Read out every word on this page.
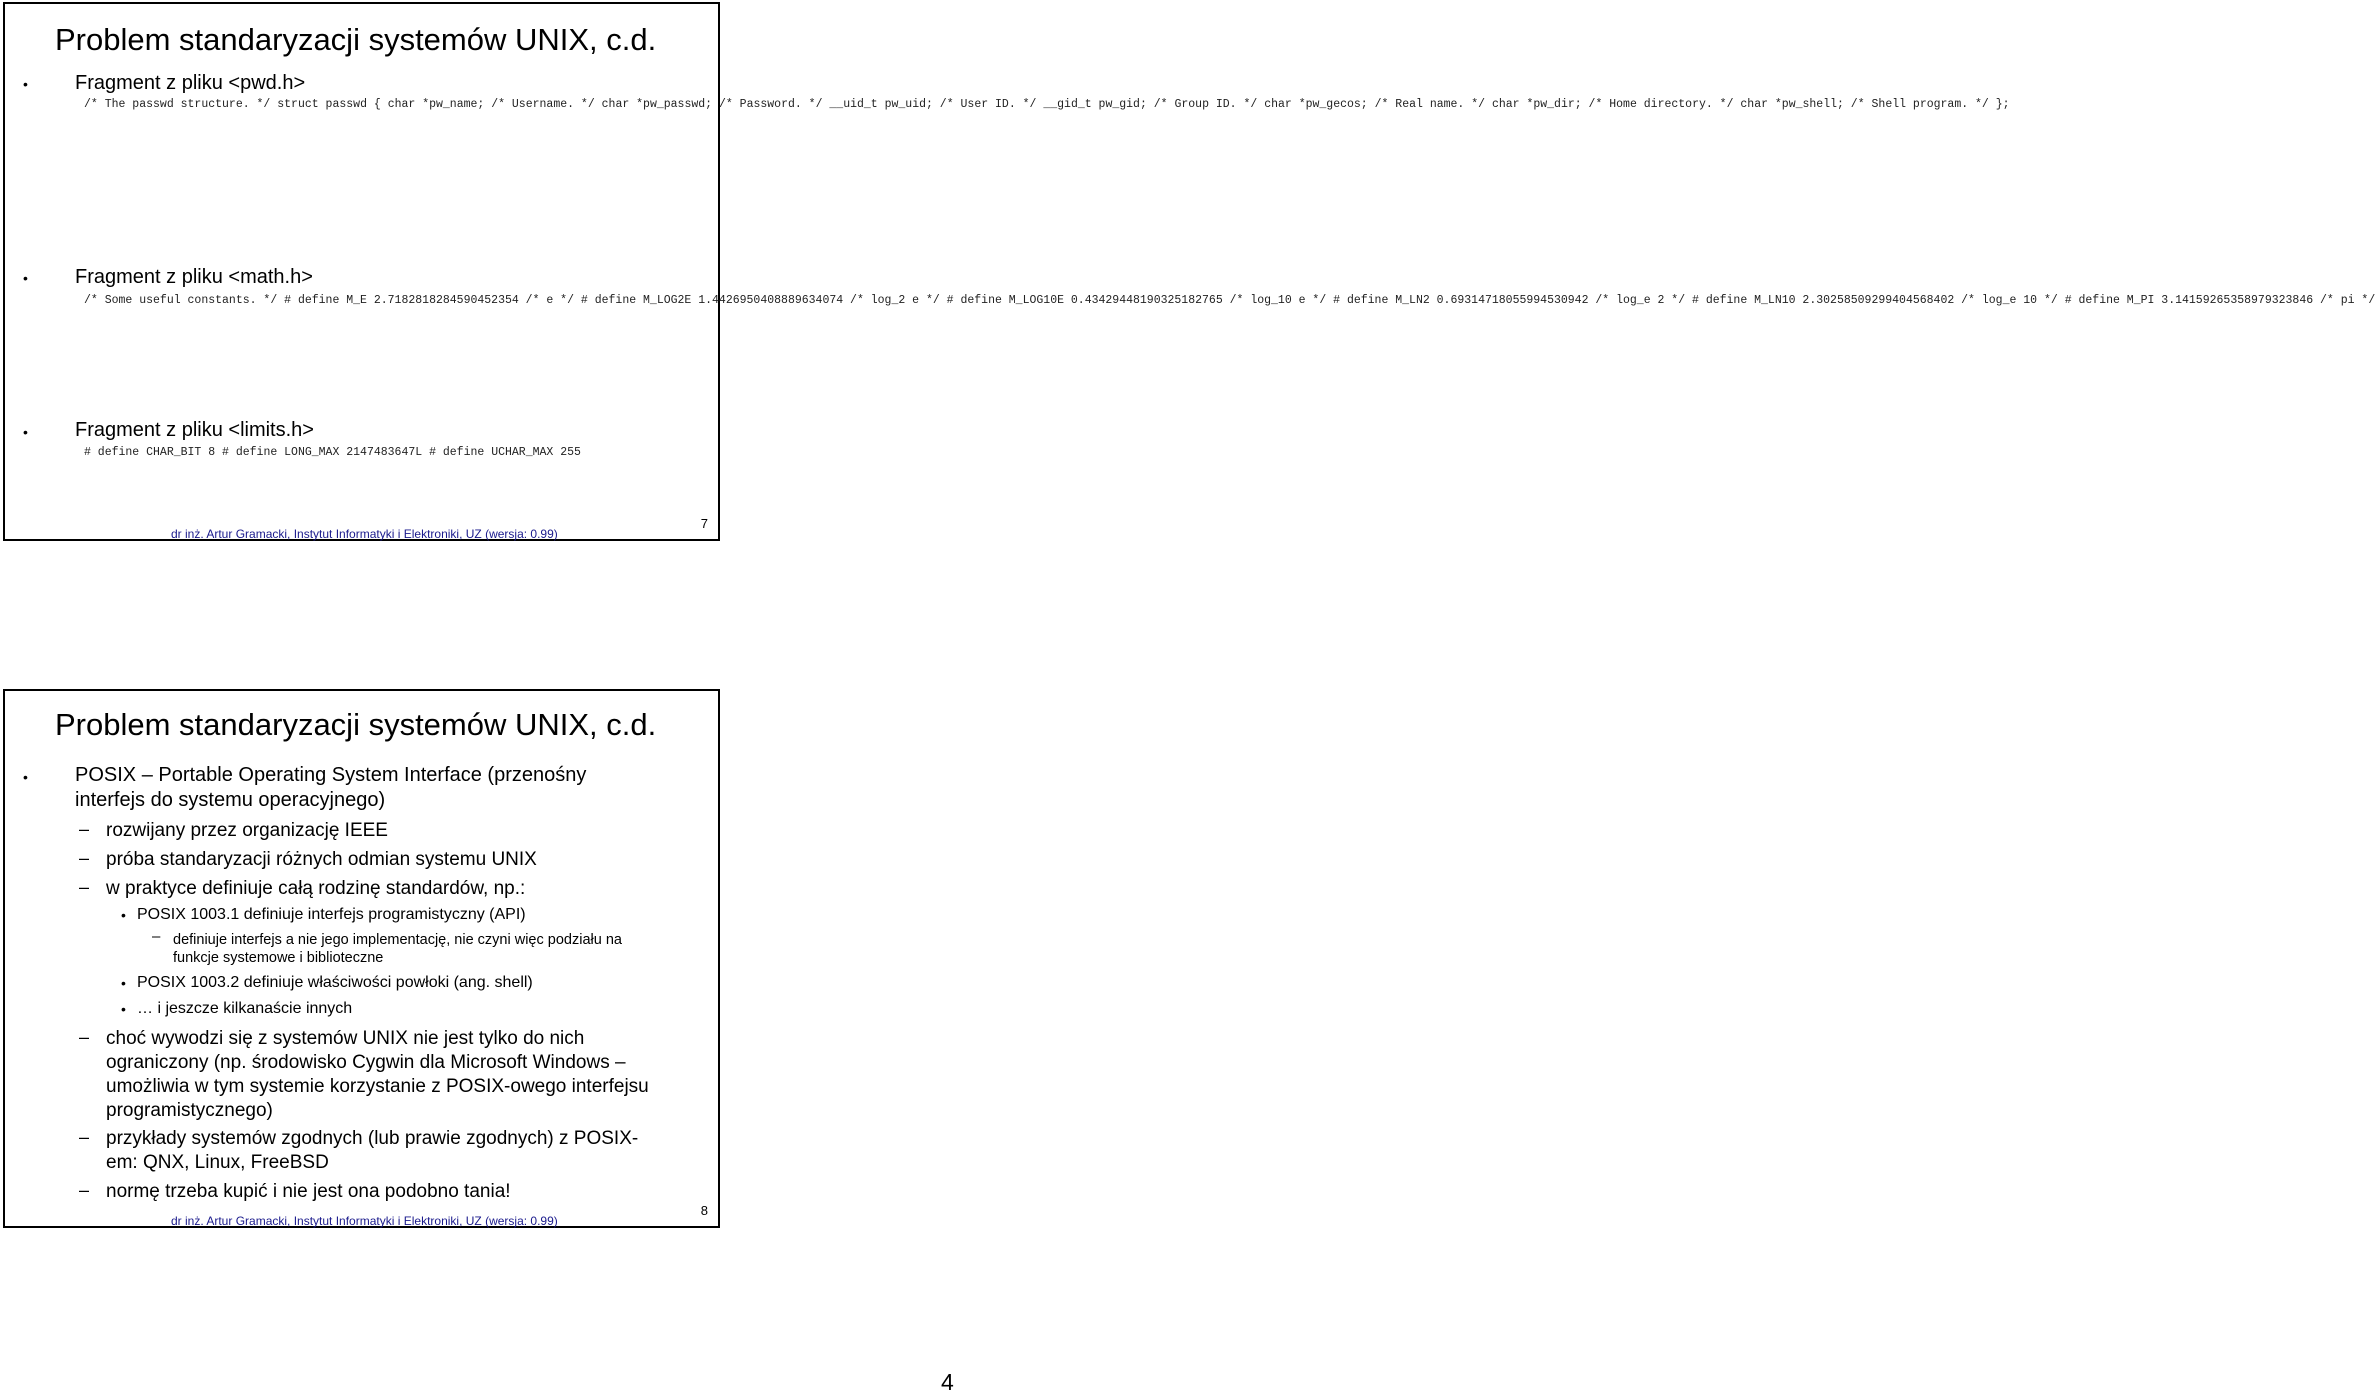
Problem standaryzacji systemów UNIX, c.d.
• Fragment z pliku <pwd.h>
/* The passwd structure. */ struct passwd { char *pw_name; /* Username. */ char *pw_passwd; /* Password. */ __uid_t pw_uid; /* User ID. */ __gid_t pw_gid; /* Group ID. */ char *pw_gecos; /* Real name. */ char *pw_dir; /* Home directory. */ char *pw_shell; /* Shell program. */ };
• Fragment z pliku <math.h>
/* Some useful constants. */ # define M_E 2.7182818284590452354 /* e */ # define M_LOG2E 1.4426950408889634074 /* log_2 e */ # define M_LOG10E 0.43429448190325182765 /* log_10 e */ # define M_LN2 0.69314718055994530942 /* log_e 2 */ # define M_LN10 2.30258509299404568402 /* log_e 10 */ # define M_PI 3.14159265358979323846 /* pi */
• Fragment z pliku <limits.h>
# define CHAR_BIT 8 # define LONG_MAX 2147483647L # define UCHAR_MAX 255
dr inż. Artur Gramacki, Instytut Informatyki i Elektroniki, UZ (wersja: 0.99)
7
Problem standaryzacji systemów UNIX, c.d.
• POSIX – Portable Operating System Interface (przenośny
interfejs do systemu operacyjnego)
– rozwijany przez organizację IEEE
– próba standaryzacji różnych odmian systemu UNIX
– w praktyce definiuje całą rodzinę standardów, np.:
• POSIX 1003.1 definiuje interfejs programistyczny (API)
– definiuje interfejs a nie jego implementację, nie czyni więc podziału na
funkcje systemowe i biblioteczne
• POSIX 1003.2 definiuje właściwości powłoki (ang. shell)
• … i jeszcze kilkanaście innych
– choć wywodzi się z systemów UNIX nie jest tylko do nich
ograniczony (np. środowisko Cygwin dla Microsoft Windows –
umożliwia w tym systemie korzystanie z POSIX-owego interfejsu
programistycznego)
– przykłady systemów zgodnych (lub prawie zgodnych) z POSIX-
em: QNX, Linux, FreeBSD
– normę trzeba kupić i nie jest ona podobno tania!
dr inż. Artur Gramacki, Instytut Informatyki i Elektroniki, UZ (wersja: 0.99)
8
4
